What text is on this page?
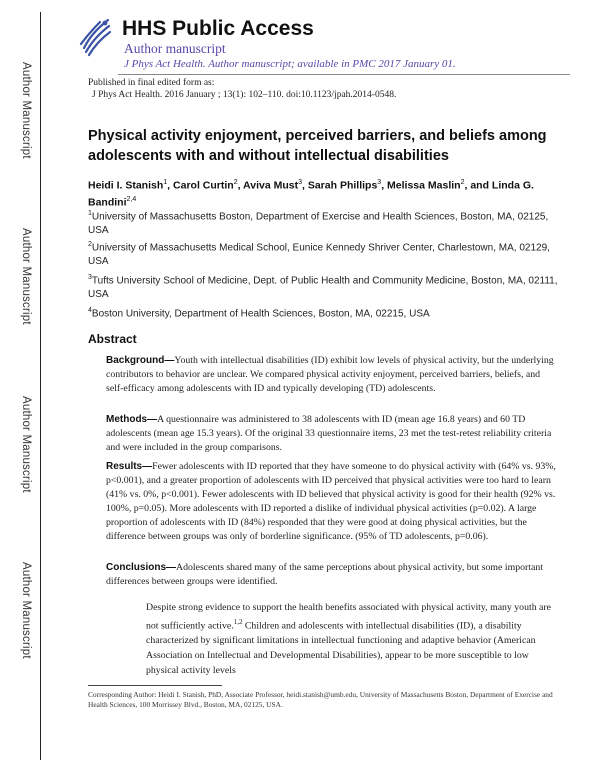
Author Manuscript
Author Manuscript
Author Manuscript
Author Manuscript
HHS Public Access
Author manuscript
J Phys Act Health. Author manuscript; available in PMC 2017 January 01.
Published in final edited form as:
J Phys Act Health. 2016 January ; 13(1): 102–110. doi:10.1123/jpah.2014-0548.
Physical activity enjoyment, perceived barriers, and beliefs among adolescents with and without intellectual disabilities
Heidi I. Stanish$^1$, Carol Curtin$^2$, Aviva Must$^3$, Sarah Phillips$^3$, Melissa Maslin$^2$, and Linda G. Bandini$^{2,4}$
$^1$University of Massachusetts Boston, Department of Exercise and Health Sciences, Boston, MA, 02125, USA
$^2$University of Massachusetts Medical School, Eunice Kennedy Shriver Center, Charlestown, MA, 02129, USA
$^3$Tufts University School of Medicine, Dept. of Public Health and Community Medicine, Boston, MA, 02111, USA
$^4$Boston University, Department of Health Sciences, Boston, MA, 02215, USA
Abstract
Background—Youth with intellectual disabilities (ID) exhibit low levels of physical activity, but the underlying contributors to behavior are unclear. We compared physical activity enjoyment, perceived barriers, beliefs, and self-efficacy among adolescents with ID and typically developing (TD) adolescents.
Methods—A questionnaire was administered to 38 adolescents with ID (mean age 16.8 years) and 60 TD adolescents (mean age 15.3 years). Of the original 33 questionnaire items, 23 met the test-retest reliability criteria and were included in the group comparisons.
Results—Fewer adolescents with ID reported that they have someone to do physical activity with (64% vs. 93%, p<0.001), and a greater proportion of adolescents with ID perceived that physical activities were too hard to learn (41% vs. 0%, p<0.001). Fewer adolescents with ID believed that physical activity is good for their health (92% vs. 100%, p=0.05). More adolescents with ID reported a dislike of individual physical activities (p=0.02). A large proportion of adolescents with ID (84%) responded that they were good at doing physical activities, but the difference between groups was only of borderline significance. (95% of TD adolescents, p=0.06).
Conclusions—Adolescents shared many of the same perceptions about physical activity, but some important differences between groups were identified.
Despite strong evidence to support the health benefits associated with physical activity, many youth are not sufficiently active.$^{1,2}$ Children and adolescents with intellectual disabilities (ID), a disability characterized by significant limitations in intellectual functioning and adaptive behavior (American Association on Intellectual and Developmental Disabilities), appear to be more susceptible to low physical activity levels
Corresponding Author: Heidi I. Stanish, PhD, Associate Professor, heidi.stanish@umb.edu, University of Massachusetts Boston, Department of Exercise and Health Sciences, 100 Morrissey Blvd., Boston, MA, 02125, USA.
